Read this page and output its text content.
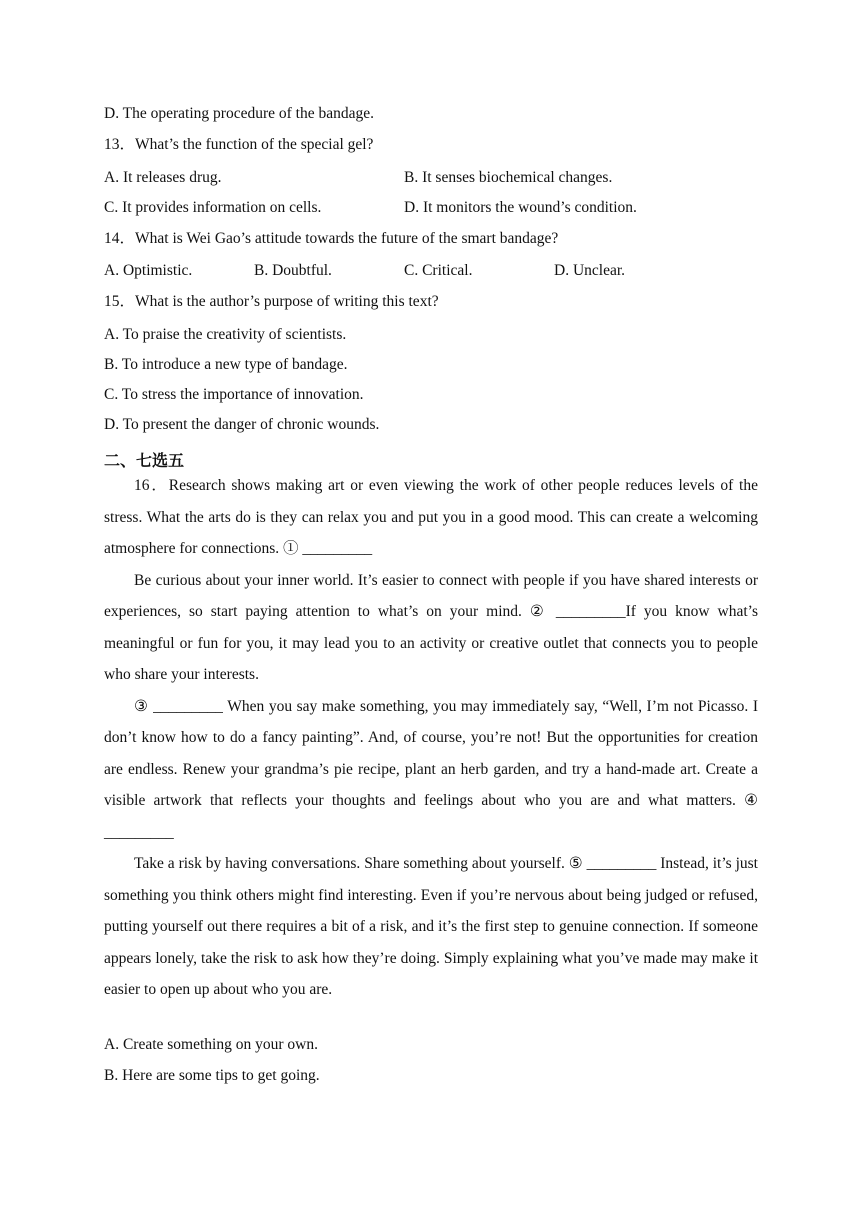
D. The operating procedure of the bandage.
13．What’s the function of the special gel?
A. It releases drug.	B. It senses biochemical changes.
C. It provides information on cells.	D. It monitors the wound’s condition.
14．What is Wei Gao’s attitude towards the future of the smart bandage?
A. Optimistic.	B. Doubtful.	C. Critical.	D. Unclear.
15．What is the author’s purpose of writing this text?
A. To praise the creativity of scientists.
B. To introduce a new type of bandage.
C. To stress the importance of innovation.
D. To present the danger of chronic wounds.
二、七选五

16．Research shows making art or even viewing the work of other people reduces levels of the stress. What the arts do is they can relax you and put you in a good mood. This can create a welcoming atmosphere for connections. ① _________

Be curious about your inner world. It’s easier to connect with people if you have shared interests or experiences, so start paying attention to what’s on your mind. ② _________If you know what’s meaningful or fun for you, it may lead you to an activity or creative outlet that connects you to people who share your interests.

③ _________ When you say make something, you may immediately say, “Well, I’m not Picasso. I don’t know how to do a fancy painting”. And, of course, you’re not! But the opportunities for creation are endless. Renew your grandma’s pie recipe, plant an herb garden, and try a hand-made art. Create a visible artwork that reflects your thoughts and feelings about who you are and what matters. ④ _________

Take a risk by having conversations. Share something about yourself. ⑤ _________ Instead, it’s just something you think others might find interesting. Even if you’re nervous about being judged or refused, putting yourself out there requires a bit of a risk, and it’s the first step to genuine connection. If someone appears lonely, take the risk to ask how they’re doing. Simply explaining what you’ve made may make it easier to open up about who you are.

A. Create something on your own.
B. Here are some tips to get going.
